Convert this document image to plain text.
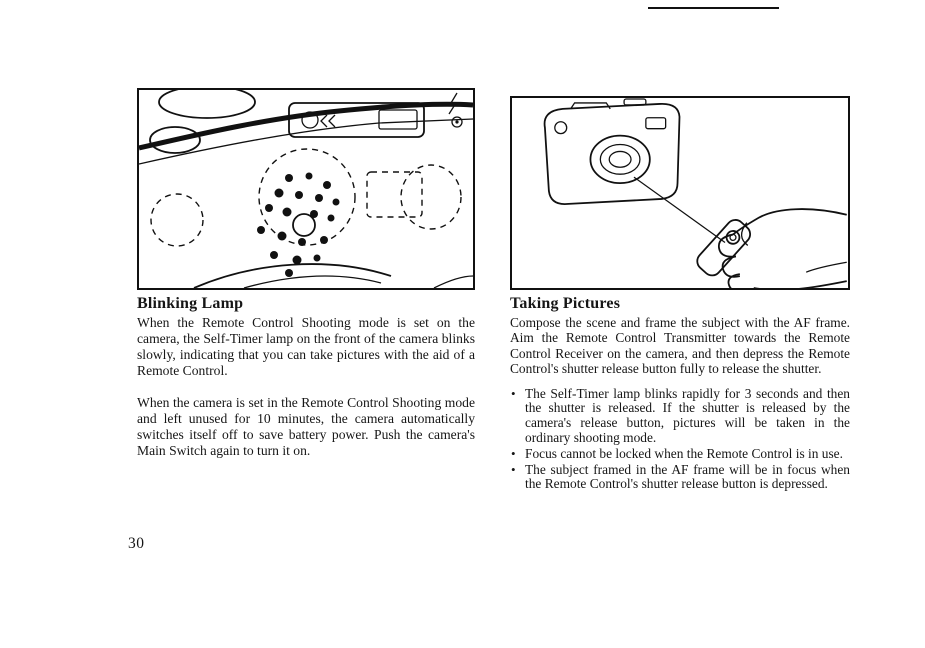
Blinking Lamp

When the Remote Control Shooting mode is set on the camera, the Self-Timer lamp on the front of the camera blinks slowly, indicating that you can take pictures with the aid of a Remote Control.

When the camera is set in the Remote Control Shooting mode and left unused for 10 minutes, the camera automatically switches itself off to save battery power. Push the camera's Main Switch again to turn it on.

Taking Pictures

Compose the scene and frame the subject with the AF frame. Aim the Remote Control Transmitter towards the Remote Control Receiver on the camera, and then depress the Remote Control's shutter release button fully to release the shutter.

• The Self-Timer lamp blinks rapidly for 3 seconds and then the shutter is released. If the shutter is released by the camera's release button, pictures will be taken in the ordinary shooting mode.
• Focus cannot be locked when the Remote Control is in use.
• The subject framed in the AF frame will be in focus when the Remote Control's shutter release button is depressed.
30
